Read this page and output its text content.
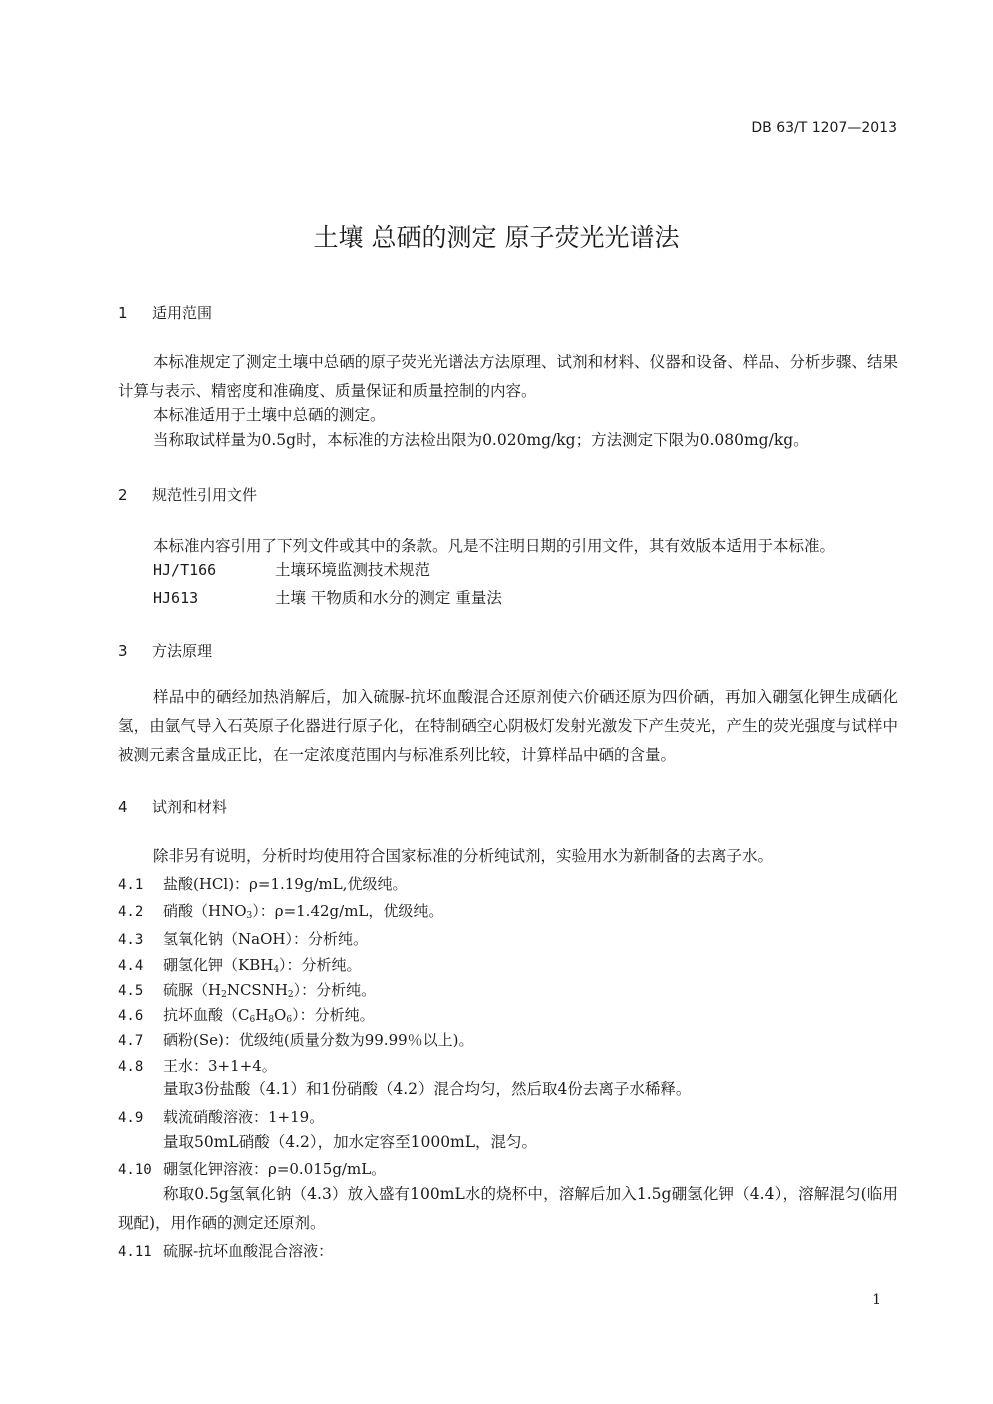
DB 63/T 1207—2013
土壤 总硒的测定 原子荧光光谱法
1 适用范围
本标准规定了测定土壤中总硒的原子荧光光谱法方法原理、试剂和材料、仪器和设备、样品、分析步骤、结果计算与表示、精密度和准确度、质量保证和质量控制的内容。
本标准适用于土壤中总硒的测定。
当称取试样量为0.5g时，本标准的方法检出限为0.020mg/kg；方法测定下限为0.080mg/kg。
2 规范性引用文件
本标准内容引用了下列文件或其中的条款。凡是不注明日期的引用文件，其有效版本适用于本标准。
HJ/T166	土壤环境监测技术规范
HJ613	土壤 干物质和水分的测定 重量法
3 方法原理
样品中的硒经加热消解后，加入硫脲-抗坏血酸混合还原剂使六价硒还原为四价硒，再加入硼氢化钾生成硒化氢，由氩气导入石英原子化器进行原子化，在特制硒空心阴极灯发射光激发下产生荧光，产生的荧光强度与试样中被测元素含量成正比，在一定浓度范围内与标准系列比较，计算样品中硒的含量。
4 试剂和材料
除非另有说明，分析时均使用符合国家标准的分析纯试剂，实验用水为新制备的去离子水。
4.1 盐酸(HCl)：ρ=1.19g/mL,优级纯。
4.2 硝酸$(HNO_3)$：ρ=1.42g/mL，优级纯。
4.3 氢氧化钠（NaOH）：分析纯。
4.4 硼氢化钾$(KBH_4)$：分析纯。
4.5 硫脲$(H_2NCSNH_2)$：分析纯。
4.6 抗坏血酸$(C_6H_8O_6)$：分析纯。
4.7 硒粉(Se)：优级纯(质量分数为99.99％以上)。
4.8 王水：3+1+4。
量取3份盐酸（4.1）和1份硝酸（4.2）混合均匀，然后取4份去离子水稀释。
4.9 载流硝酸溶液：1+19。
量取50mL硝酸（4.2），加水定容至1000mL，混匀。
4.10 硼氢化钾溶液：ρ=0.015g/mL。
称取0.5g氢氧化钠（4.3）放入盛有100mL水的烧杯中，溶解后加入1.5g硼氢化钾（4.4），溶解混匀(临用现配)，用作硒的测定还原剂。
4.11 硫脲-抗坏血酸混合溶液：
1
